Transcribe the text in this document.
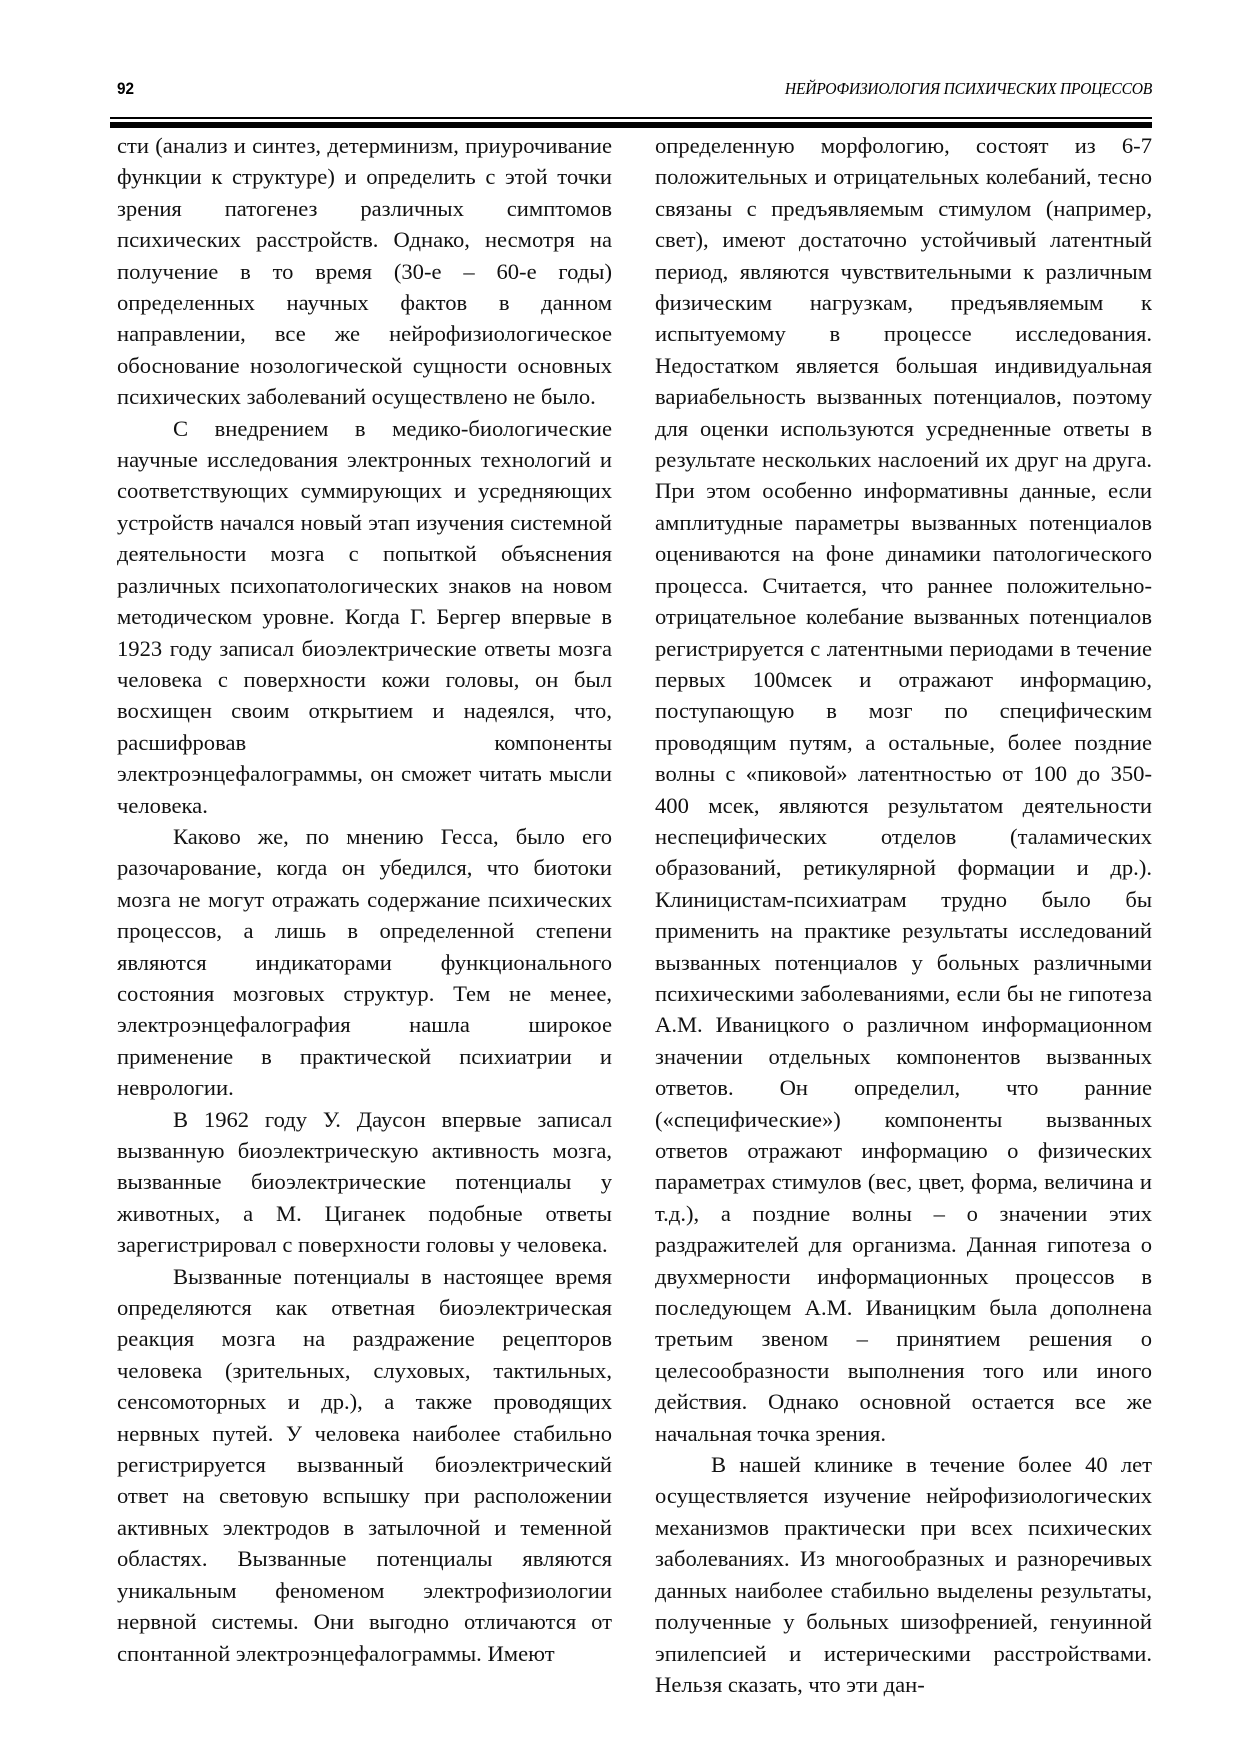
92	НЕЙРОФИЗИОЛОГИЯ ПСИХИЧЕСКИХ ПРОЦЕССОВ

сти (анализ и синтез, детерминизм, приурочивание функции к структуре) и определить с этой точки зрения патогенез различных симптомов психических расстройств. Однако, несмотря на получение в то время (30-е – 60-е годы) определенных научных фактов в данном направлении, все же нейрофизиологическое обоснование нозологической сущности основных психических заболеваний осуществлено не было.

С внедрением в медико-биологические научные исследования электронных технологий и соответствующих суммирующих и усредняющих устройств начался новый этап изучения системной деятельности мозга с попыткой объяснения различных психопатологических знаков на новом методическом уровне. Когда Г. Бергер впервые в 1923 году записал биоэлектрические ответы мозга человека с поверхности кожи головы, он был восхищен своим открытием и надеялся, что, расшифровав компоненты электроэнцефалограммы, он сможет читать мысли человека.

Каково же, по мнению Гесса, было его разочарование, когда он убедился, что биотоки мозга не могут отражать содержание психических процессов, а лишь в определенной степени являются индикаторами функционального состояния мозговых структур. Тем не менее, электроэнцефалография нашла широкое применение в практической психиатрии и неврологии.

В 1962 году У. Даусон впервые записал вызванную биоэлектрическую активность мозга, вызванные биоэлектрические потенциалы у животных, а М. Циганек подобные ответы зарегистрировал с поверхности головы у человека.

Вызванные потенциалы в настоящее время определяются как ответная биоэлектрическая реакция мозга на раздражение рецепторов человека (зрительных, слуховых, тактильных, сенсомоторных и др.), а также проводящих нервных путей. У человека наиболее стабильно регистрируется вызванный биоэлектрический ответ на световую вспышку при расположении активных электродов в затылочной и теменной областях. Вызванные потенциалы являются уникальным феноменом электрофизиологии нервной системы. Они выгодно отличаются от спонтанной электроэнцефалограммы. Имеют

определенную морфологию, состоят из 6-7 положительных и отрицательных колебаний, тесно связаны с предъявляемым стимулом (например, свет), имеют достаточно устойчивый латентный период, являются чувствительными к различным физическим нагрузкам, предъявляемым к испытуемому в процессе исследования. Недостатком является большая индивидуальная вариабельность вызванных потенциалов, поэтому для оценки используются усредненные ответы в результате нескольких наслоений их друг на друга. При этом особенно информативны данные, если амплитудные параметры вызванных потенциалов оцениваются на фоне динамики патологического процесса. Считается, что раннее положительно-отрицательное колебание вызванных потенциалов регистрируется с латентными периодами в течение первых 100мсек и отражают информацию, поступающую в мозг по специфическим проводящим путям, а остальные, более поздние волны с «пиковой» латентностью от 100 до 350-400 мсек, являются результатом деятельности неспецифических отделов (таламических образований, ретикулярной формации и др.). Клиницистам-психиатрам трудно было бы применить на практике результаты исследований вызванных потенциалов у больных различными психическими заболеваниями, если бы не гипотеза А.М. Иваницкого о различном информационном значении отдельных компонентов вызванных ответов. Он определил, что ранние («специфические») компоненты вызванных ответов отражают информацию о физических параметрах стимулов (вес, цвет, форма, величина и т.д.), а поздние волны – о значении этих раздражителей для организма. Данная гипотеза о двухмерности информационных процессов в последующем А.М. Иваницким была дополнена третьим звеном – принятием решения о целесообразности выполнения того или иного действия. Однако основной остается все же начальная точка зрения.

В нашей клинике в течение более 40 лет осуществляется изучение нейрофизиологических механизмов практически при всех психических заболеваниях. Из многообразных и разноречивых данных наиболее стабильно выделены результаты, полученные у больных шизофренией, генуинной эпилепсией и истерическими расстройствами. Нельзя сказать, что эти дан-
